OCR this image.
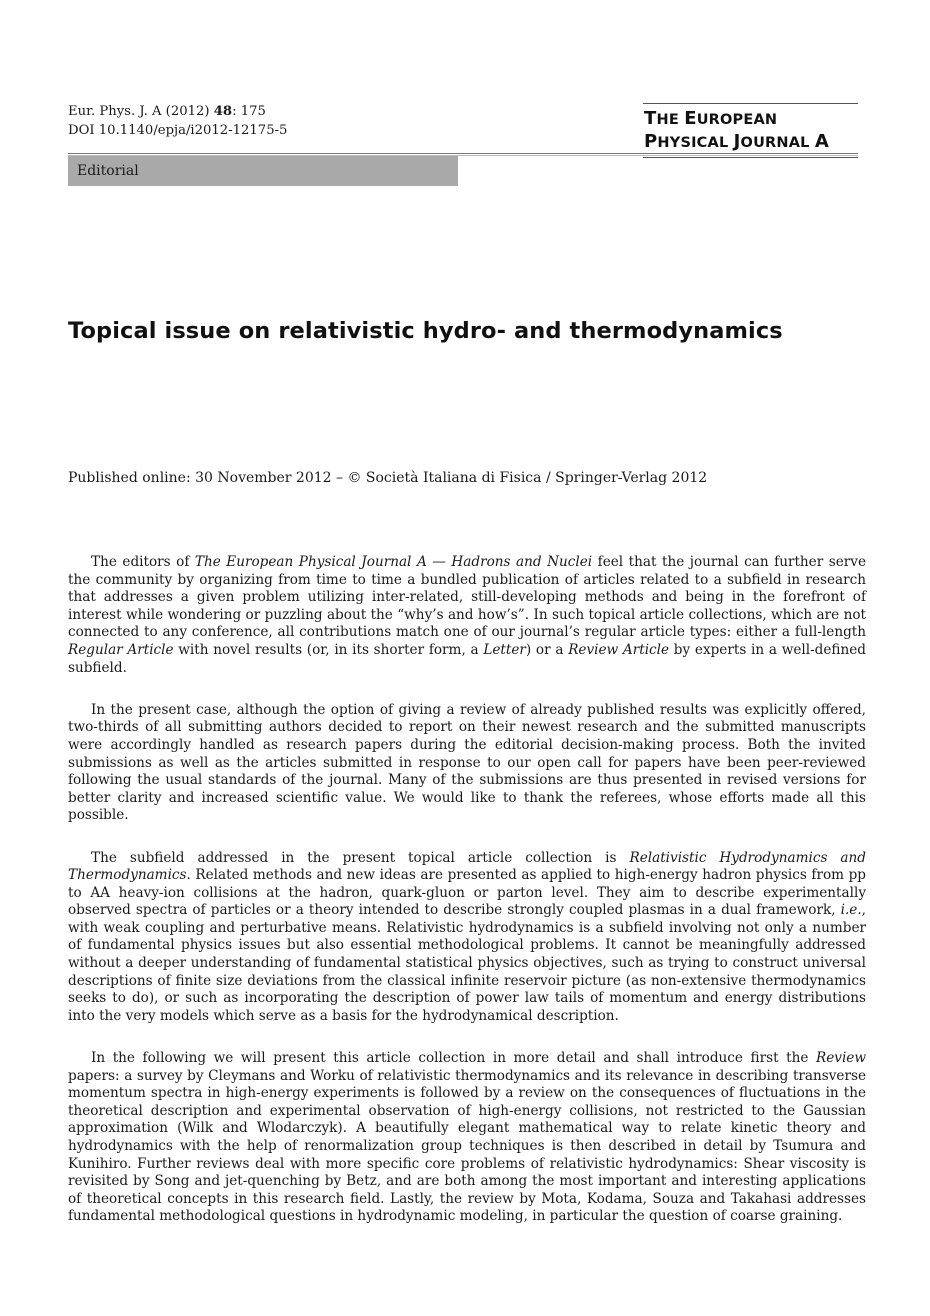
Eur. Phys. J. A (2012) 48: 175
DOI 10.1140/epja/i2012-12175-5
THE EUROPEAN
PHYSICAL JOURNAL A
Editorial
Topical issue on relativistic hydro- and thermodynamics
Published online: 30 November 2012 – © Società Italiana di Fisica / Springer-Verlag 2012

The editors of The European Physical Journal A — Hadrons and Nuclei feel that the journal can further serve the community by organizing from time to time a bundled publication of articles related to a subfield in research that addresses a given problem utilizing inter-related, still-developing methods and being in the forefront of interest while wondering or puzzling about the “why’s and how’s”. In such topical article collections, which are not connected to any conference, all contributions match one of our journal’s regular article types: either a full-length Regular Article with novel results (or, in its shorter form, a Letter) or a Review Article by experts in a well-defined subfield.

In the present case, although the option of giving a review of already published results was explicitly offered, two-thirds of all submitting authors decided to report on their newest research and the submitted manuscripts were accordingly handled as research papers during the editorial decision-making process. Both the invited submissions as well as the articles submitted in response to our open call for papers have been peer-reviewed following the usual standards of the journal. Many of the submissions are thus presented in revised versions for better clarity and increased scientific value. We would like to thank the referees, whose efforts made all this possible.

The subfield addressed in the present topical article collection is Relativistic Hydrodynamics and Thermodynamics. Related methods and new ideas are presented as applied to high-energy hadron physics from pp to AA heavy-ion collisions at the hadron, quark-gluon or parton level. They aim to describe experimentally observed spectra of particles or a theory intended to describe strongly coupled plasmas in a dual framework, i.e., with weak coupling and perturbative means. Relativistic hydrodynamics is a subfield involving not only a number of fundamental physics issues but also essential methodological problems. It cannot be meaningfully addressed without a deeper understanding of fundamental statistical physics objectives, such as trying to construct universal descriptions of finite size deviations from the classical infinite reservoir picture (as non-extensive thermodynamics seeks to do), or such as incorporating the description of power law tails of momentum and energy distributions into the very models which serve as a basis for the hydrodynamical description.

In the following we will present this article collection in more detail and shall introduce first the Review papers: a survey by Cleymans and Worku of relativistic thermodynamics and its relevance in describing transverse momentum spectra in high-energy experiments is followed by a review on the consequences of fluctuations in the theoretical description and experimental observation of high-energy collisions, not restricted to the Gaussian approximation (Wilk and Wlodarczyk). A beautifully elegant mathematical way to relate kinetic theory and hydrodynamics with the help of renormalization group techniques is then described in detail by Tsumura and Kunihiro. Further reviews deal with more specific core problems of relativistic hydrodynamics: Shear viscosity is revisited by Song and jet-quenching by Betz, and are both among the most important and interesting applications of theoretical concepts in this research field. Lastly, the review by Mota, Kodama, Souza and Takahasi addresses fundamental methodological questions in hydrodynamic modeling, in particular the question of coarse graining.
